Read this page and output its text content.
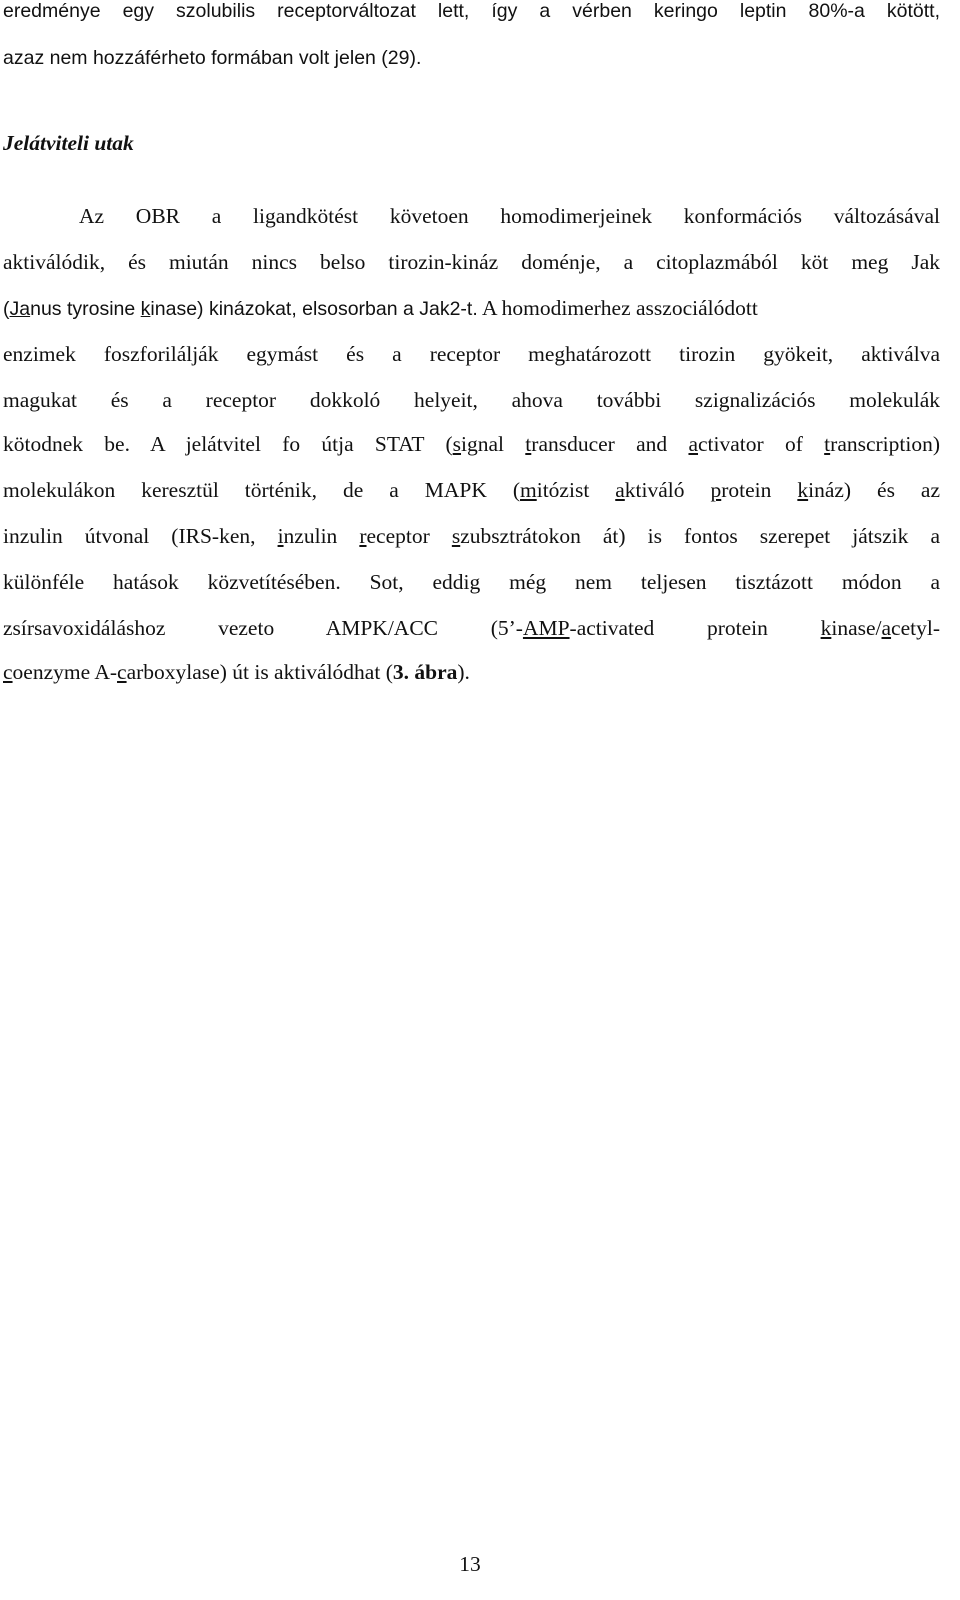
eredménye egy szolubilis receptorváltozat lett, így a vérben keringo leptin 80%-a kötött,
azaz nem hozzáférheto formában volt jelen (29).
Jelátviteli utak
Az OBR a ligandkötést követoen homodimerjeinek konformációs változásával
aktiválódik, és miután nincs belso tirozin-kináz doménje, a citoplazmából köt meg Jak
(Janus tyrosine kinase) kinázokat, elsosorban a Jak2-t. A homodimerhez asszociálódott
enzimek foszforilálják egymást és a receptor meghatározott tirozin gyökeit, aktiválva
magukat és a receptor dokkoló helyeit, ahova további szignalizációs molekulák
kötodnek be. A jelátvitel fo útja STAT (signal transducer and activator of transcription)
molekulákon keresztül történik, de a MAPK (mitózist aktiváló protein kináz) és az
inzulin útvonal (IRS-ken, inzulin receptor szubsztrátokon át) is fontos szerepet játszik a
különféle hatások közvetítésében. Sot, eddig még nem teljesen tisztázott módon a
zsírsavoxidáláshoz vezeto AMPK/ACC (5’-AMP-activated protein kinase/acetyl-
coenzyme A-carboxylase) út is aktiválódhat (3. ábra).
13
